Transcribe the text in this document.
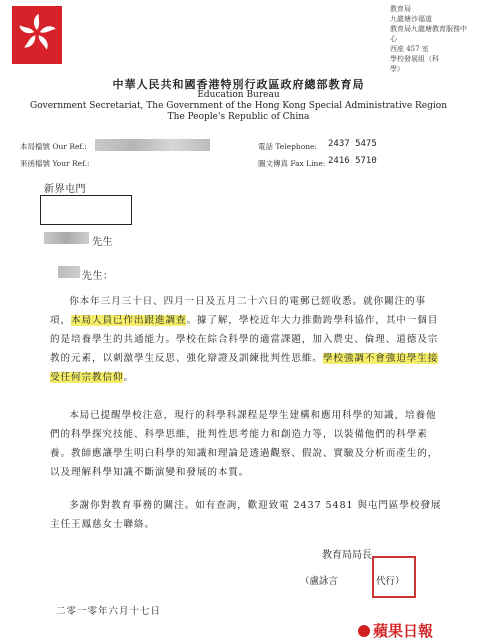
教育局
九龍塘沙福道
教育局九龍塘教育服務中心
西座 457 室
學校發展組（科
學）
中華人民共和國香港特別行政區政府總部教育局
Education Bureau
Government Secretariat, The Government of the Hong Kong Special Administrative Region
The People's Republic of China
本局檔號 Our Ref.:
來函檔號 Your Ref.:
電話 Telephone: 2437 5475
圖文傳真 Fax Line: 2416 5710
新界屯門
先生
先生：
你本年三月三十日、四月一日及五月二十六日的電郵已經收悉。就你關注的事項，本局人員已作出跟進調查。據了解，學校近年大力推動跨學科協作，其中一個目的是培養學生的共通能力。學校在綜合科學的適當課題，加入農史、倫理、道德及宗教的元素，以刺激學生反思、強化辯證及訓練批判性思維。學校強調不會強迫學生接受任何宗教信仰。
本局已提醒學校注意，現行的科學科課程是學生建構和應用科學的知識，培養他們的科學探究技能、科學思維，批判性思考能力和創造力等，以裝備他們的科學素養。教師應讓學生明白科學的知識和理論是透過觀察、假說、實驗及分析而產生的，以及理解科學知識不斷演變和發展的本質。
多謝你對教育事務的關注。如有查詢，歡迎致電 2437 5481 與屯門區學校發展主任王鳳慈女士聯絡。
教育局局長
（盧詠言　　　　代行）
二零一零年六月十七日
蘋果日報
